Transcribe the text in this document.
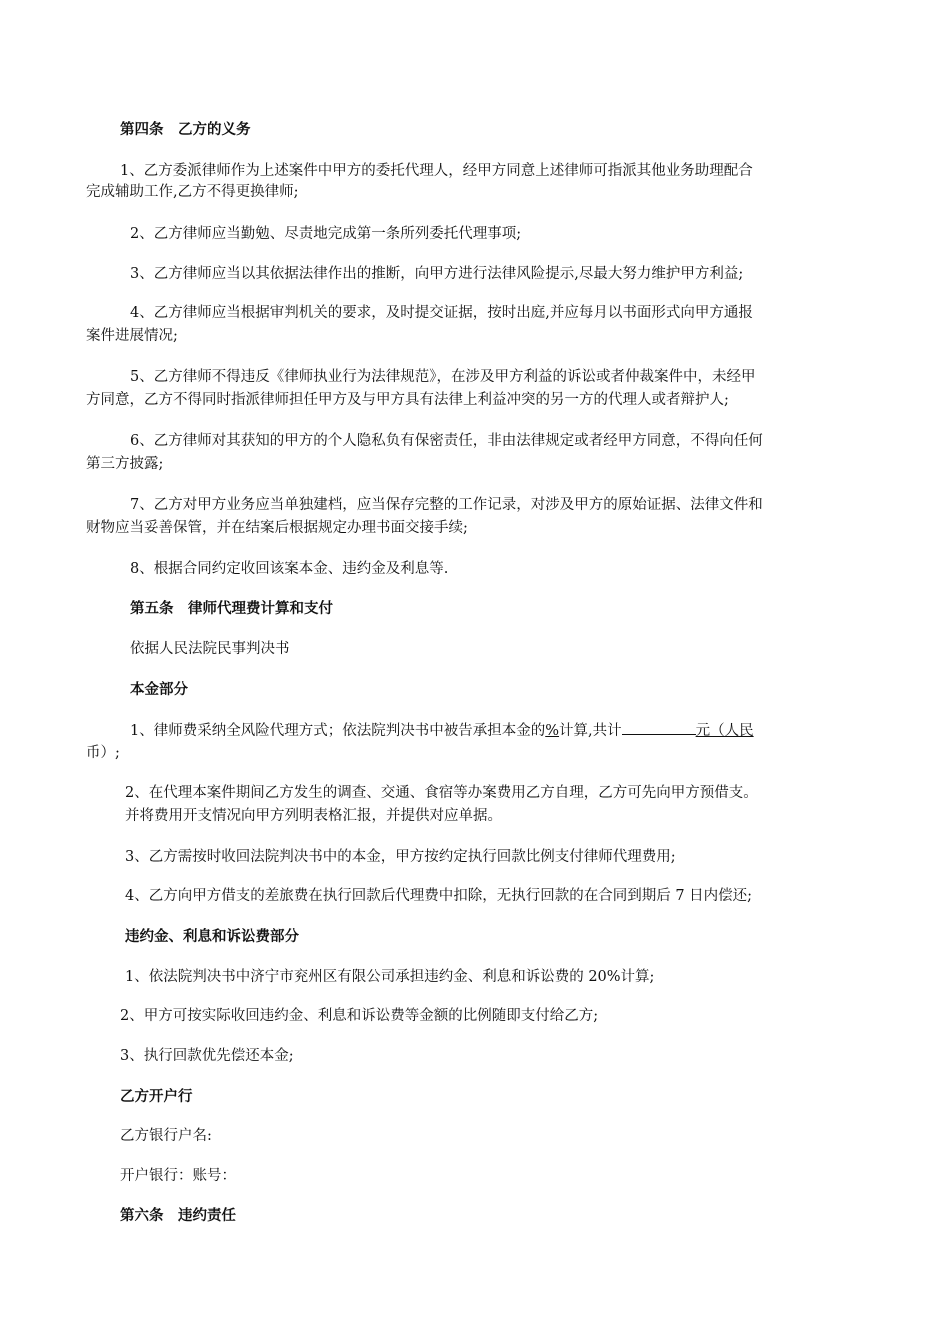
第四条　乙方的义务

1、乙方委派律师作为上述案件中甲方的委托代理人，经甲方同意上述律师可指派其他业务助理配合

完成辅助工作,乙方不得更换律师;

2、乙方律师应当勤勉、尽责地完成第一条所列委托代理事项;

3、乙方律师应当以其依据法律作出的推断，向甲方进行法律风险提示,尽最大努力维护甲方利益;

4、乙方律师应当根据审判机关的要求，及时提交证据，按时出庭,并应每月以书面形式向甲方通报

案件进展情况;

5、乙方律师不得违反《律师执业行为法律规范》，在涉及甲方利益的诉讼或者仲裁案件中，未经甲

方同意，乙方不得同时指派律师担任甲方及与甲方具有法律上利益冲突的另一方的代理人或者辩护人;

6、乙方律师对其获知的甲方的个人隐私负有保密责任，非由法律规定或者经甲方同意，不得向任何

第三方披露;

7、乙方对甲方业务应当单独建档，应当保存完整的工作记录，对涉及甲方的原始证据、法律文件和

财物应当妥善保管，并在结案后根据规定办理书面交接手续;

8、根据合同约定收回该案本金、违约金及利息等.

第五条　律师代理费计算和支付

依据人民法院民事判决书

本金部分

1、律师费采纳全风险代理方式；依法院判决书中被告承担本金的%计算,共计	元（人民

币）;

2、在代理本案件期间乙方发生的调查、交通、食宿等办案费用乙方自理，乙方可先向甲方预借支。

并将费用开支情况向甲方列明表格汇报，并提供对应单据。

3、乙方需按时收回法院判决书中的本金，甲方按约定执行回款比例支付律师代理费用;

4、乙方向甲方借支的差旅费在执行回款后代理费中扣除，无执行回款的在合同到期后 7 日内偿还;

违约金、利息和诉讼费部分

1、依法院判决书中济宁市兖州区有限公司承担违约金、利息和诉讼费的 20%计算;

2、甲方可按实际收回违约金、利息和诉讼费等金额的比例随即支付给乙方;

3、执行回款优先偿还本金;

乙方开户行

乙方银行户名:

开户银行：账号：

第六条　违约责任
